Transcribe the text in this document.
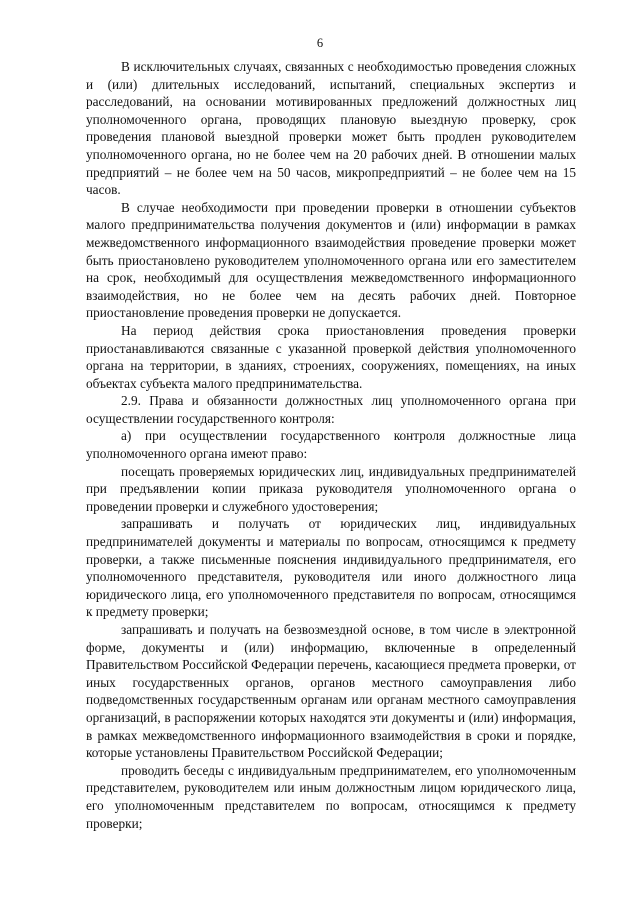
6

В исключительных случаях, связанных с необходимостью проведения сложных и (или) длительных исследований, испытаний, специальных экспертиз и расследований, на основании мотивированных предложений должностных лиц уполномоченного органа, проводящих плановую выездную проверку, срок проведения плановой выездной проверки может быть продлен руководителем уполномоченного органа, но не более чем на 20 рабочих дней. В отношении малых предприятий – не более чем на 50 часов, микропредприятий – не более чем на 15 часов.

В случае необходимости при проведении проверки в отношении субъектов малого предпринимательства получения документов и (или) информации в рамках межведомственного информационного взаимодействия проведение проверки может быть приостановлено руководителем уполномоченного органа или его заместителем на срок, необходимый для осуществления межведомственного информационного взаимодействия, но не более чем на десять рабочих дней. Повторное приостановление проведения проверки не допускается.

На период действия срока приостановления проведения проверки приостанавливаются связанные с указанной проверкой действия уполномоченного органа на территории, в зданиях, строениях, сооружениях, помещениях, на иных объектах субъекта малого предпринимательства.

2.9. Права и обязанности должностных лиц уполномоченного органа при осуществлении государственного контроля:

а) при осуществлении государственного контроля должностные лица уполномоченного органа имеют право:

посещать проверяемых юридических лиц, индивидуальных предпринимателей при предъявлении копии приказа руководителя уполномоченного органа о проведении проверки и служебного удостоверения;

запрашивать и получать от юридических лиц, индивидуальных предпринимателей документы и материалы по вопросам, относящимся к предмету проверки, а также письменные пояснения индивидуального предпринимателя, его уполномоченного представителя, руководителя или иного должностного лица юридического лица, его уполномоченного представителя по вопросам, относящимся к предмету проверки;

запрашивать и получать на безвозмездной основе, в том числе в электронной форме, документы и (или) информацию, включенные в определенный Правительством Российской Федерации перечень, касающиеся предмета проверки, от иных государственных органов, органов местного самоуправления либо подведомственных государственным органам или органам местного самоуправления организаций, в распоряжении которых находятся эти документы и (или) информация, в рамках межведомственного информационного взаимодействия в сроки и порядке, которые установлены Правительством Российской Федерации;

проводить беседы с индивидуальным предпринимателем, его уполномоченным представителем, руководителем или иным должностным лицом юридического лица, его уполномоченным представителем по вопросам, относящимся к предмету проверки;
